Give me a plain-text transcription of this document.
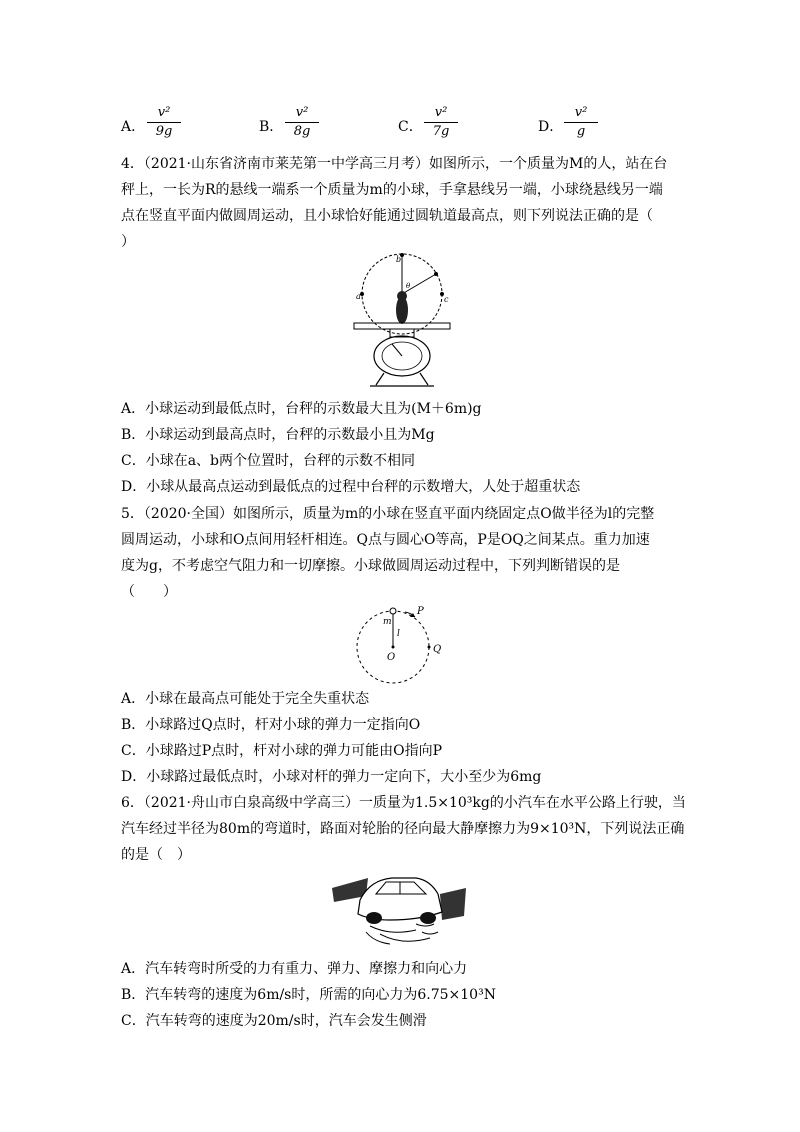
A． $\frac{\text{v²}}{9g}$	B． $\frac{\text{v²}}{8g}$	C． $\frac{\text{v²}}{7g}$	D． $\frac{\text{v²}}{g}$
4．（2021·山东省济南市莱芜第一中学高三月考）如图所示，一个质量为M的人，站在台
秤上，一长为R的悬线一端系一个质量为m的小球，手拿悬线另一端，小球绕悬线另一端
点在竖直平面内做圆周运动，且小球恰好能通过圆轨道最高点，则下列说法正确的是（
）
a
b
c
θ
A．小球运动到最低点时，台秤的示数最大且为(M＋6m)g
B．小球运动到最高点时，台秤的示数最小且为Mg
C．小球在a、b两个位置时，台秤的示数不相同
D．小球从最高点运动到最低点的过程中台秤的示数增大，人处于超重状态
5．（2020·全国）如图所示，质量为m的小球在竖直平面内绕固定点O做半径为l的完整
圆周运动，小球和O点间用轻杆相连。Q点与圆心O等高，P是OQ之间某点。重力加速
度为g，不考虑空气阻力和一切摩擦。小球做圆周运动过程中，下列判断错误的是
（　　）
P
m
l
O
Q
A．小球在最高点可能处于完全失重状态
B．小球路过Q点时，杆对小球的弹力一定指向O
C．小球路过P点时，杆对小球的弹力可能由O指向P
D．小球路过最低点时，小球对杆的弹力一定向下，大小至少为6mg
6．（2021·舟山市白泉高级中学高三）一质量为1.5×10³kg的小汽车在水平公路上行驶，当
汽车经过半径为80m的弯道时，路面对轮胎的径向最大静摩擦力为9×10³N，下列说法正确
的是（　）
A．汽车转弯时所受的力有重力、弹力、摩擦力和向心力
B．汽车转弯的速度为6m/s时，所需的向心力为6.75×10³N
C．汽车转弯的速度为20m/s时，汽车会发生侧滑
